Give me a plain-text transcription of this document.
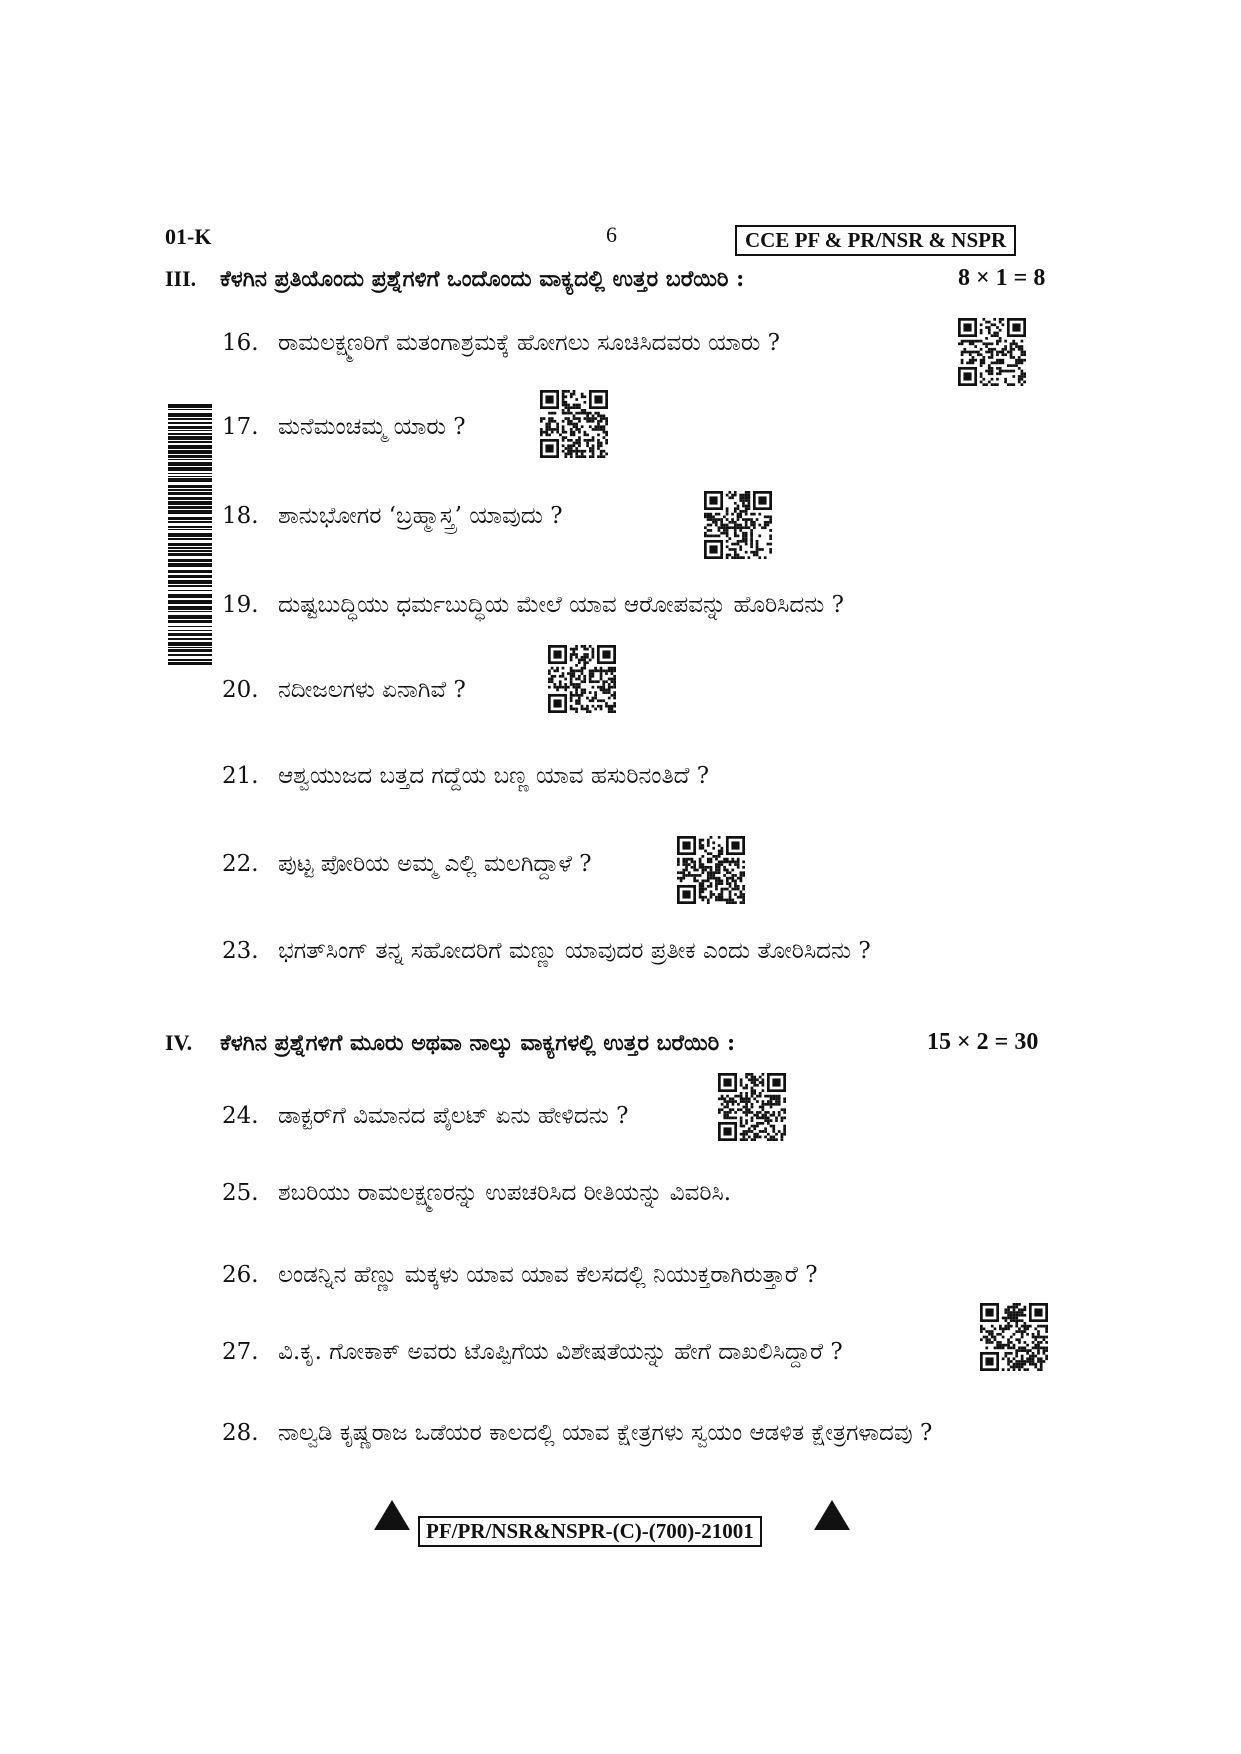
01-K	6	CCE PF & PR/NSR & NSPR
III. ಕೆಳಗಿನ ಪ್ರತಿಯೊಂದು ಪ್ರಶ್ನೆಗಳಿಗೆ ಒಂದೊಂದು ವಾಕ್ಯದಲ್ಲಿ ಉತ್ತರ ಬರೆಯಿರಿ :	8 × 1 = 8
16. ರಾಮಲಕ್ಷ್ಮಣರಿಗೆ ಮತಂಗಾಶ್ರಮಕ್ಕೆ ಹೋಗಲು ಸೂಚಿಸಿದವರು ಯಾರು ?
17. ಮನೆಮಂಚಮ್ಮ ಯಾರು ?
18. ಶಾನುಭೋಗರ ‘ಬ್ರಹ್ಮಾಸ್ತ್ರ’ ಯಾವುದು ?
19. ದುಷ್ಟಬುದ್ಧಿಯು ಧರ್ಮಬುದ್ಧಿಯ ಮೇಲೆ ಯಾವ ಆರೋಪವನ್ನು ಹೊರಿಸಿದನು ?
20. ನದೀಜಲಗಳು ಏನಾಗಿವೆ ?
21. ಆಶ್ವಯುಜದ ಬತ್ತದ ಗದ್ದೆಯ ಬಣ್ಣ ಯಾವ ಹಸುರಿನಂತಿದೆ ?
22. ಪುಟ್ಟ ಪೋರಿಯ ಅಮ್ಮ ಎಲ್ಲಿ ಮಲಗಿದ್ದಾಳೆ ?
23. ಭಗತ್‌ಸಿಂಗ್ ತನ್ನ ಸಹೋದರಿಗೆ ಮಣ್ಣು ಯಾವುದರ ಪ್ರತೀಕ ಎಂದು ತೋರಿಸಿದನು ?
IV. ಕೆಳಗಿನ ಪ್ರಶ್ನೆಗಳಿಗೆ ಮೂರು ಅಥವಾ ನಾಲ್ಕು ವಾಕ್ಯಗಳಲ್ಲಿ ಉತ್ತರ ಬರೆಯಿರಿ :	15 × 2 = 30
24. ಡಾಕ್ಟರ್‌ಗೆ ವಿಮಾನದ ಪೈಲಟ್ ಏನು ಹೇಳಿದನು ?
25. ಶಬರಿಯು ರಾಮಲಕ್ಷ್ಮಣರನ್ನು ಉಪಚರಿಸಿದ ರೀತಿಯನ್ನು ವಿವರಿಸಿ.
26. ಲಂಡನ್ನಿನ ಹೆಣ್ಣು ಮಕ್ಕಳು ಯಾವ ಯಾವ ಕೆಲಸದಲ್ಲಿ ನಿಯುಕ್ತರಾಗಿರುತ್ತಾರೆ ?
27. ವಿ.ಕೃ. ಗೋಕಾಕ್ ಅವರು ಟೊಪ್ಪಿಗೆಯ ವಿಶೇಷತೆಯನ್ನು ಹೇಗೆ ದಾಖಲಿಸಿದ್ದಾರೆ ?
28. ನಾಲ್ವಡಿ ಕೃಷ್ಣರಾಜ ಒಡೆಯರ ಕಾಲದಲ್ಲಿ ಯಾವ ಕ್ಷೇತ್ರಗಳು ಸ್ವಯಂ ಆಡಳಿತ ಕ್ಷೇತ್ರಗಳಾದವು ?
PF/PR/NSR&NSPR-(C)-(700)-21001
